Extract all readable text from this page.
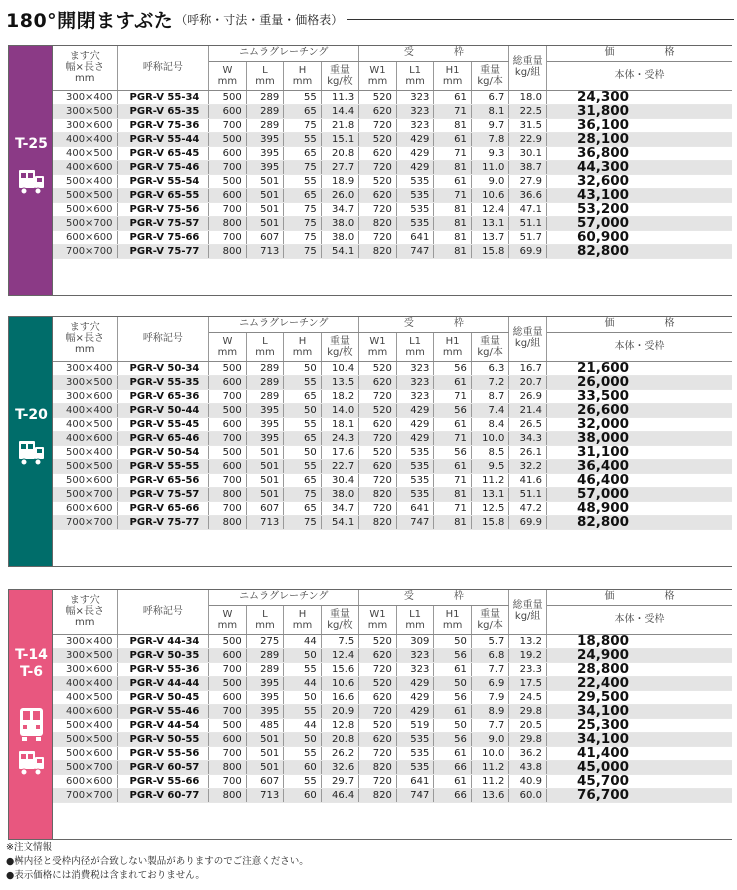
180°開閉ますぶた （呼称・寸法・重量・価格表）
T-25
ます穴
幅×長さ
mm	呼称記号	ニムラグレーチング				受　　　　枠				総重量
kg/組	価　　　　　格
		W
mm	L
mm	H
mm	重量
kg/枚	W1
mm	L1
mm	H1
mm	重量
kg/本		本体・受枠
300×400	PGR-V 55-34	500	289	55	11.3	520	323	61	6.7	18.0	24,300
300×500	PGR-V 65-35	600	289	65	14.4	620	323	71	8.1	22.5	31,800
300×600	PGR-V 75-36	700	289	75	21.8	720	323	81	9.7	31.5	36,100
400×400	PGR-V 55-44	500	395	55	15.1	520	429	61	7.8	22.9	28,100
400×500	PGR-V 65-45	600	395	65	20.8	620	429	71	9.3	30.1	36,800
400×600	PGR-V 75-46	700	395	75	27.7	720	429	81	11.0	38.7	44,300
500×400	PGR-V 55-54	500	501	55	18.9	520	535	61	9.0	27.9	32,600
500×500	PGR-V 65-55	600	501	65	26.0	620	535	71	10.6	36.6	43,100
500×600	PGR-V 75-56	700	501	75	34.7	720	535	81	12.4	47.1	53,200
500×700	PGR-V 75-57	800	501	75	38.0	820	535	81	13.1	51.1	57,000
600×600	PGR-V 75-66	700	607	75	38.0	720	641	81	13.7	51.7	60,900
700×700	PGR-V 75-77	800	713	75	54.1	820	747	81	15.8	69.9	82,800
T-20
ます穴
幅×長さ
mm	呼称記号	ニムラグレーチング				受　　　　枠				総重量
kg/組	価　　　　　格
		W
mm	L
mm	H
mm	重量
kg/枚	W1
mm	L1
mm	H1
mm	重量
kg/本		本体・受枠
300×400	PGR-V 50-34	500	289	50	10.4	520	323	56	6.3	16.7	21,600
300×500	PGR-V 55-35	600	289	55	13.5	620	323	61	7.2	20.7	26,000
300×600	PGR-V 65-36	700	289	65	18.2	720	323	71	8.7	26.9	33,500
400×400	PGR-V 50-44	500	395	50	14.0	520	429	56	7.4	21.4	26,600
400×500	PGR-V 55-45	600	395	55	18.1	620	429	61	8.4	26.5	32,000
400×600	PGR-V 65-46	700	395	65	24.3	720	429	71	10.0	34.3	38,000
500×400	PGR-V 50-54	500	501	50	17.6	520	535	56	8.5	26.1	31,100
500×500	PGR-V 55-55	600	501	55	22.7	620	535	61	9.5	32.2	36,400
500×600	PGR-V 65-56	700	501	65	30.4	720	535	71	11.2	41.6	46,400
500×700	PGR-V 75-57	800	501	75	38.0	820	535	81	13.1	51.1	57,000
600×600	PGR-V 65-66	700	607	65	34.7	720	641	71	12.5	47.2	48,900
700×700	PGR-V 75-77	800	713	75	54.1	820	747	81	15.8	69.9	82,800
T-14
T-6
ます穴
幅×長さ
mm	呼称記号	ニムラグレーチング				受　　　　枠				総重量
kg/組	価　　　　　格
		W
mm	L
mm	H
mm	重量
kg/枚	W1
mm	L1
mm	H1
mm	重量
kg/本		本体・受枠
300×400	PGR-V 44-34	500	275	44	7.5	520	309	50	5.7	13.2	18,800
300×500	PGR-V 50-35	600	289	50	12.4	620	323	56	6.8	19.2	24,900
300×600	PGR-V 55-36	700	289	55	15.6	720	323	61	7.7	23.3	28,800
400×400	PGR-V 44-44	500	395	44	10.6	520	429	50	6.9	17.5	22,400
400×500	PGR-V 50-45	600	395	50	16.6	620	429	56	7.9	24.5	29,500
400×600	PGR-V 55-46	700	395	55	20.9	720	429	61	8.9	29.8	34,100
500×400	PGR-V 44-54	500	485	44	12.8	520	519	50	7.7	20.5	25,300
500×500	PGR-V 50-55	600	501	50	20.8	620	535	56	9.0	29.8	34,100
500×600	PGR-V 55-56	700	501	55	26.2	720	535	61	10.0	36.2	41,400
500×700	PGR-V 60-57	800	501	60	32.6	820	535	66	11.2	43.8	45,000
600×600	PGR-V 55-66	700	607	55	29.7	720	641	61	11.2	40.9	45,700
700×700	PGR-V 60-77	800	713	60	46.4	820	747	66	13.6	60.0	76,700
※注文情報
●桝内径と受枠内径が合致しない製品がありますのでご注意ください。
●表示価格には消費税は含まれておりません。
